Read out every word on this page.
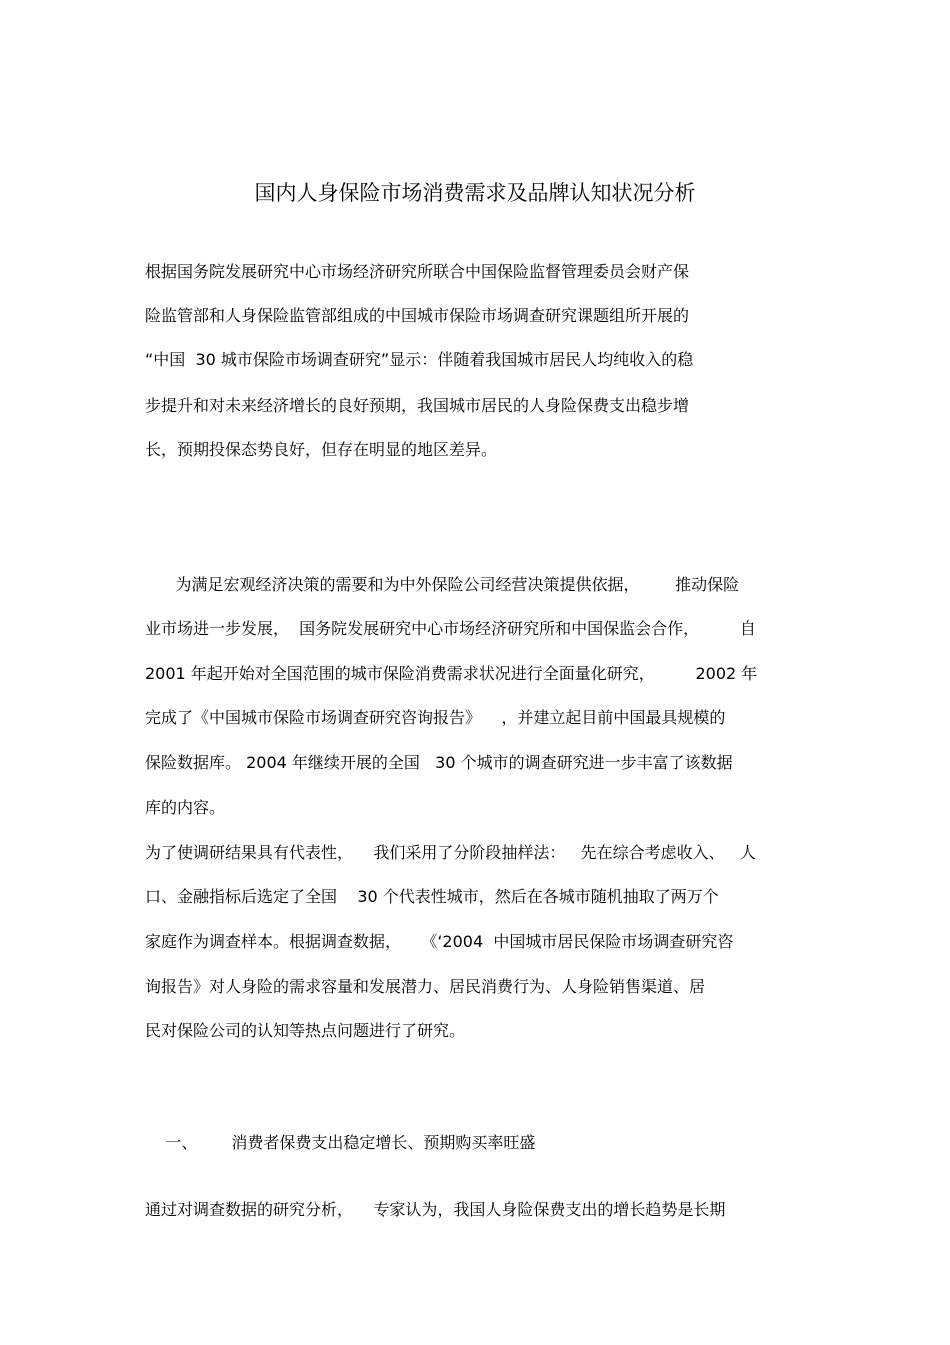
国内人身保险市场消费需求及品牌认知状况分析
根据国务院发展研究中心市场经济研究所联合中国保险监督管理委员会财产保
险监管部和人身保险监管部组成的中国城市保险市场调查研究课题组所开展的
“中国  30 城市保险市场调查研究”显示：伴随着我国城市居民人均纯收入的稳
步提升和对未来经济增长的良好预期，我国城市居民的人身险保费支出稳步增
长，预期投保态势良好，但存在明显的地区差异。
为满足宏观经济决策的需要和为中外保险公司经营决策提供依据，       推动保险
业市场进一步发展，  国务院发展研究中心市场经济研究所和中国保监会合作，        自
2001 年起开始对全国范围的城市保险消费需求状况进行全面量化研究，        2002 年
完成了《中国城市保险市场调查研究咨询报告》    ，并建立起目前中国最具规模的
保险数据库。 2004 年继续开展的全国   30 个城市的调查研究进一步丰富了该数据
库的内容。
为了使调研结果具有代表性，    我们采用了分阶段抽样法：   先在综合考虑收入、   人
口、金融指标后选定了全国    30 个代表性城市，然后在各城市随机抽取了两万个
家庭作为调查样本。根据调查数据，    《‘2004  中国城市居民保险市场调查研究咨
询报告》对人身险的需求容量和发展潜力、居民消费行为、人身险销售渠道、居
民对保险公司的认知等热点问题进行了研究。

一、 消费者保费支出稳定增长、预期购买率旺盛

通过对调查数据的研究分析，    专家认为，我国人身险保费支出的增长趋势是长期
